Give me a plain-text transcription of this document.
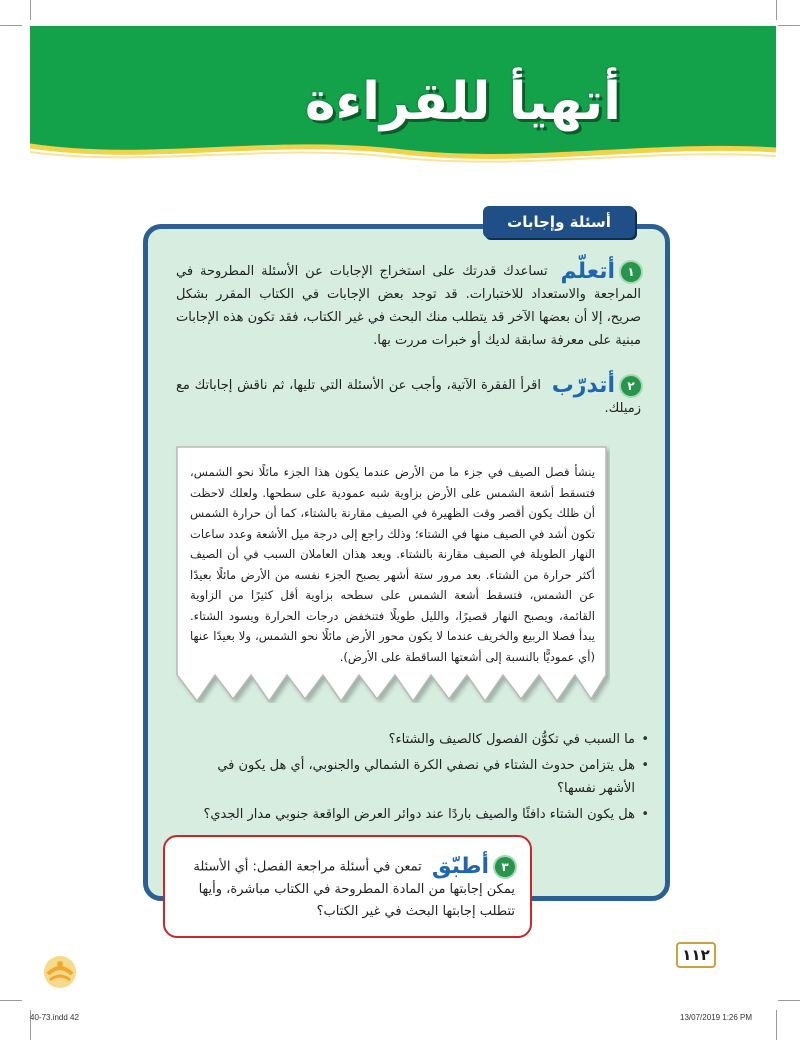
أتهيأ للقراءة
أسئلة وإجابات
١أتعلّم تساعدك قدرتك على استخراج الإجابات عن الأسئلة المطروحة في المراجعة والاستعداد للاختبارات. قد توجد بعض الإجابات في الكتاب المقرر بشكل صريح، إلا أن بعضها الآخر قد يتطلب منك البحث في غير الكتاب، فقد تكون هذه الإجابات مبنية على معرفة سابقة لديك أو خبرات مررت بها.
٢أتدرّب اقرأ الفقرة الآتية، وأجب عن الأسئلة التي تليها، ثم ناقش إجاباتك مع زميلك.
ينشأ فصل الصيف في جزء ما من الأرض عندما يكون هذا الجزء مائلًا نحو الشمس، فتسقط أشعة الشمس على الأرض بزاوية شبه عمودية على سطحها. ولعلك لاحظت أن ظلك يكون أقصر وقت الظهيرة في الصيف مقارنة بالشتاء، كما أن حرارة الشمس تكون أشد في الصيف منها في الشتاء؛ وذلك راجع إلى درجة ميل الأشعة وعدد ساعات النهار الطويلة في الصيف مقارنة بالشتاء. ويعد هذان العاملان السبب في أن الصيف أكثر حرارة من الشتاء. بعد مرور ستة أشهر يصبح الجزء نفسه من الأرض مائلًا بعيدًا عن الشمس، فتسقط أشعة الشمس على سطحه بزاوية أقل كثيرًا من الزاوية القائمة، ويصبح النهار قصيرًا، والليل طويلًا فتنخفض درجات الحرارة ويسود الشتاء. يبدأ فصلا الربيع والخريف عندما لا يكون محور الأرض مائلًا نحو الشمس، ولا بعيدًا عنها (أي عموديًّا بالنسبة إلى أشعتها الساقطة على الأرض).
• ما السبب في تكوُّن الفصول كالصيف والشتاء؟
• هل يتزامن حدوث الشتاء في نصفي الكرة الشمالي والجنوبي، أي هل يكون في الأشهر نفسها؟
• هل يكون الشتاء دافئًا والصيف باردًا عند دوائر العرض الواقعة جنوبي مدار الجدي؟
٣أطبّق تمعن في أسئلة مراجعة الفصل: أي الأسئلة يمكن إجابتها من المادة المطروحة في الكتاب مباشرة، وأيها تتطلب إجابتها البحث في غير الكتاب؟
١١٢
40-73.indd 42	13/07/2019 1:26 PM
